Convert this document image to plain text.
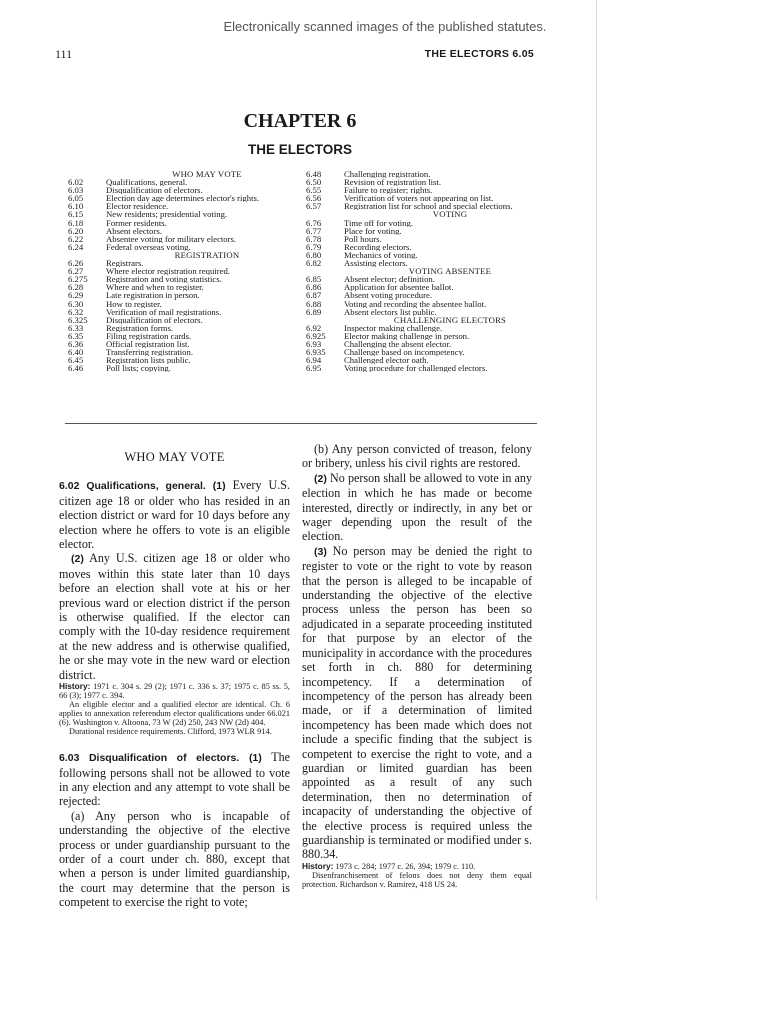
Electronically scanned images of the published statutes.
111	THE ELECTORS 6.05
CHAPTER 6
THE ELECTORS
WHO MAY VOTE
6.02	Qualifications, general.
6.03	Disqualification of electors.
6.05	Election day age determines elector's rights.
6.10	Elector residence.
6.15	New residents; presidential voting.
6.18	Former residents.
6.20	Absent electors.
6.22	Absentee voting for military electors.
6.24	Federal overseas voting.
REGISTRATION
6.26	Registrars.
6.27	Where elector registration required.
6.275	Registration and voting statistics.
6.28	Where and when to register.
6.29	Late registration in person.
6.30	How to register.
6.32	Verification of mail registrations.
6.325	Disqualification of electors.
6.33	Registration forms.
6.35	Filing registration cards.
6.36	Official registration list.
6.40	Transferring registration.
6.45	Registration lists public.
6.46	Poll lists; copying.
6.48	Challenging registration.
6.50	Revision of registration list.
6.55	Failure to register; rights.
6.56	Verification of voters not appearing on list.
6.57	Registration list for school and special elections.
VOTING
6.76	Time off for voting.
6.77	Place for voting.
6.78	Poll hours.
6.79	Recording electors.
6.80	Mechanics of voting.
6.82	Assisting electors.
VOTING ABSENTEE
6.85	Absent elector; definition.
6.86	Application for absentee ballot.
6.87	Absent voting procedure.
6.88	Voting and recording the absentee ballot.
6.89	Absent electors list public.
CHALLENGING ELECTORS
6.92	Inspector making challenge.
6.925	Elector making challenge in person.
6.93	Challenging the absent elector.
6.935	Challenge based on incompetency.
6.94	Challenged elector oath.
6.95	Voting procedure for challenged electors.
WHO MAY VOTE

6.02 Qualifications, general. (1) Every U.S. citizen age 18 or older who has resided in an election district or ward for 10 days before any election where he offers to vote is an eligible elector.

(2) Any U.S. citizen age 18 or older who moves within this state later than 10 days before an election shall vote at his or her previous ward or election district if the person is otherwise qualified. If the elector can comply with the 10-day residence requirement at the new address and is otherwise qualified, he or she may vote in the new ward or election district.

History: 1971 c. 304 s. 29 (2); 1971 c. 336 s. 37; 1975 c. 85 ss. 5, 66 (3); 1977 c. 394.

An eligible elector and a qualified elector are identical. Ch. 6 applies to annexation referendum elector qualifications under 66.021 (6). Washington v. Altoona, 73 W (2d) 250, 243 NW (2d) 404.

Durational residence requirements. Clifford, 1973 WLR 914.

6.03 Disqualification of electors. (1) The following persons shall not be allowed to vote in any election and any attempt to vote shall be rejected:

(a) Any person who is incapable of understanding the objective of the elective process or under guardianship pursuant to the order of a court under ch. 880, except that when a person is under limited guardianship, the court may determine that the person is competent to exercise the right to vote;

(b) Any person convicted of treason, felony or bribery, unless his civil rights are restored.

(2) No person shall be allowed to vote in any election in which he has made or become interested, directly or indirectly, in any bet or wager depending upon the result of the election.

(3) No person may be denied the right to register to vote or the right to vote by reason that the person is alleged to be incapable of understanding the objective of the elective process unless the person has been so adjudicated in a separate proceeding instituted for that purpose by an elector of the municipality in accordance with the procedures set forth in ch. 880 for determining incompetency. If a determination of incompetency of the person has already been made, or if a determination of limited incompetency has been made which does not include a specific finding that the subject is competent to exercise the right to vote, and a guardian or limited guardian has been appointed as a result of any such determination, then no determination of incapacity of understanding the objective of the elective process is required unless the guardianship is terminated or modified under s. 880.34.

History: 1973 c. 284; 1977 c. 26, 394; 1979 c. 110.

Disenfranchisement of felons does not deny them equal protection. Richardson v. Ramirez, 418 US 24.
